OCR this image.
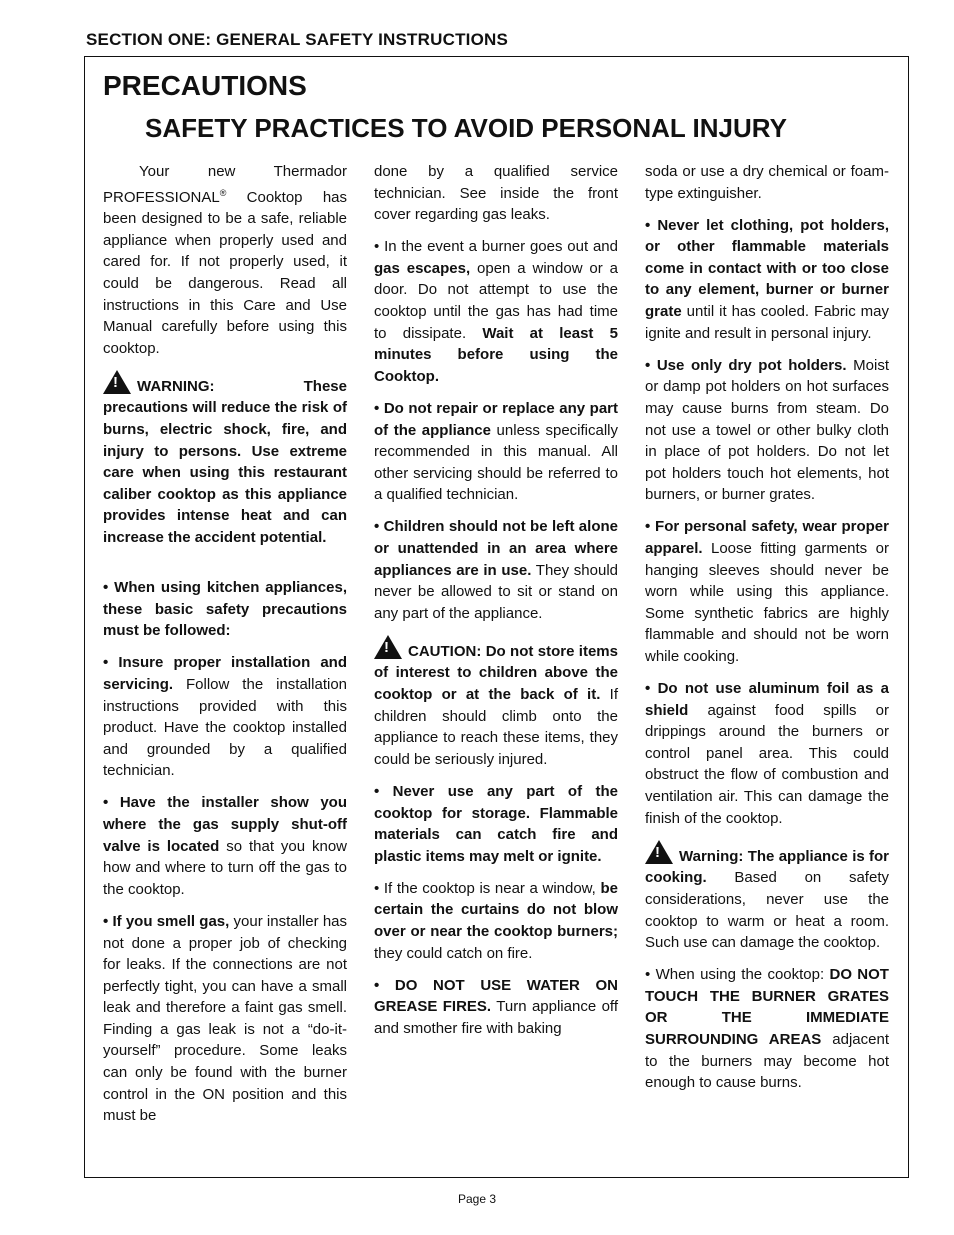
SECTION ONE: GENERAL SAFETY INSTRUCTIONS
PRECAUTIONS
SAFETY PRACTICES TO AVOID PERSONAL INJURY

Your new Thermador PROFESSIONAL® Cooktop has been designed to be a safe, reliable appliance when properly used and cared for. If not properly used, it could be dangerous. Read all instructions in this Care and Use Manual carefully before using this cooktop.

!WARNING: These precautions will reduce the risk of burns, electric shock, fire, and injury to persons. Use extreme care when using this restaurant caliber cooktop as this appliance provides intense heat and can increase the accident potential.

• When using kitchen appliances, these basic safety precautions must be followed:

• Insure proper installation and servicing. Follow the installation instructions provided with this product. Have the cooktop installed and grounded by a qualified technician.

• Have the installer show you where the gas supply shut-off valve is located so that you know how and where to turn off the gas to the cooktop.

• If you smell gas, your installer has not done a proper job of checking for leaks. If the connections are not perfectly tight, you can have a small leak and therefore a faint gas smell. Finding a gas leak is not a “do-it-yourself” procedure. Some leaks can only be found with the burner control in the ON position and this must be

done by a qualified service technician. See inside the front cover regarding gas leaks.

• In the event a burner goes out and gas escapes, open a window or a door. Do not attempt to use the cooktop until the gas has had time to dissipate. Wait at least 5 minutes before using the Cooktop.

• Do not repair or replace any part of the appliance unless specifically recommended in this manual. All other servicing should be referred to a qualified technician.

• Children should not be left alone or unattended in an area where appliances are in use. They should never be allowed to sit or stand on any part of the appliance.

!CAUTION: Do not store items of interest to children above the cooktop or at the back of it. If children should climb onto the appliance to reach these items, they could be seriously injured.

• Never use any part of the cooktop for storage. Flammable materials can catch fire and plastic items may melt or ignite.

• If the cooktop is near a window, be certain the curtains do not blow over or near the cooktop burners; they could catch on fire.

• DO NOT USE WATER ON GREASE FIRES. Turn appliance off and smother fire with baking

soda or use a dry chemical or foam-type extinguisher.

• Never let clothing, pot holders, or other flammable materials come in contact with or too close to any element, burner or burner grate until it has cooled. Fabric may ignite and result in personal injury.

• Use only dry pot holders. Moist or damp pot holders on hot surfaces may cause burns from steam. Do not use a towel or other bulky cloth in place of pot holders. Do not let pot holders touch hot elements, hot burners, or burner grates.

• For personal safety, wear proper apparel. Loose fitting garments or hanging sleeves should never be worn while using this appliance. Some synthetic fabrics are highly flammable and should not be worn while cooking.

• Do not use aluminum foil as a shield against food spills or drippings around the burners or control panel area. This could obstruct the flow of combustion and ventilation air. This can damage the finish of the cooktop.

!Warning: The appliance is for cooking. Based on safety considerations, never use the cooktop to warm or heat a room. Such use can damage the cooktop.

• When using the cooktop: DO NOT TOUCH THE BURNER GRATES OR THE IMMEDIATE SURROUNDING AREAS adjacent to the burners may become hot enough to cause burns.

Page 3
